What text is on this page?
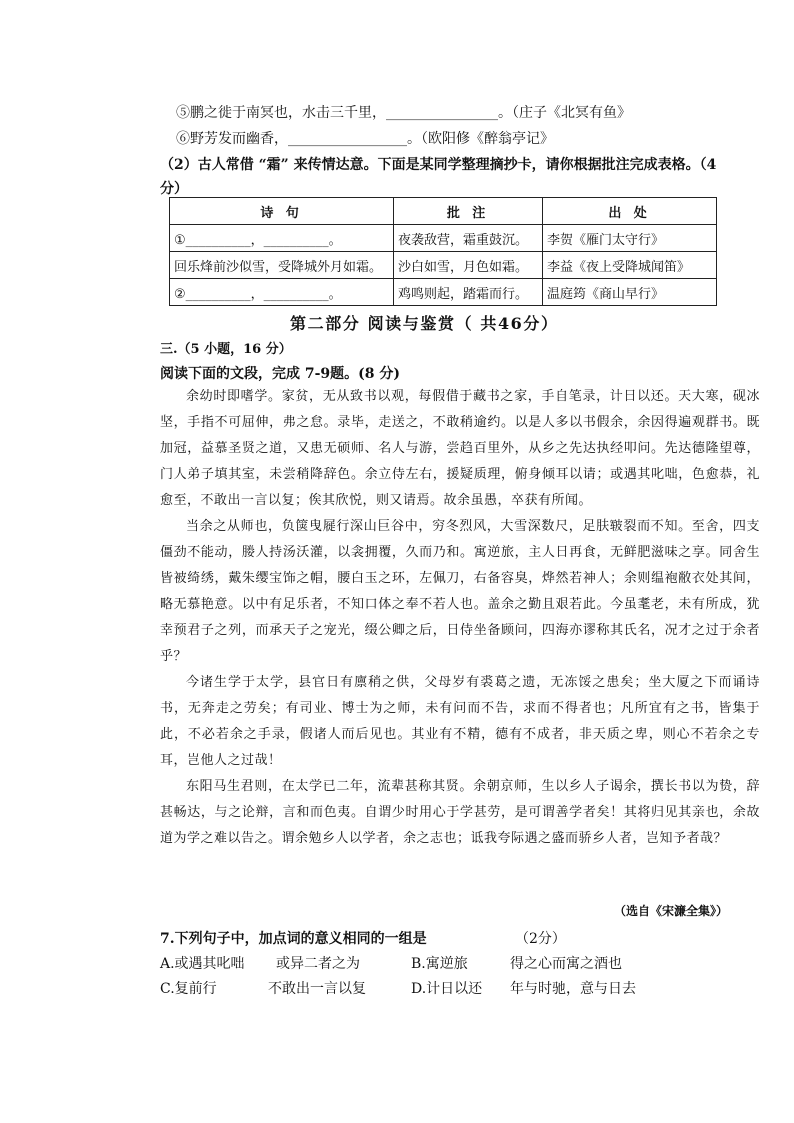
⑤鹏之徙于南冥也，水击三千里，________________。（庄子《北冥有鱼》
⑥野芳发而幽香，_________________。（欧阳修《醉翁亭记》
（2）古人常借 “霜” 来传情达意。下面是某同学整理摘抄卡，请你根据批注完成表格。（4
分）
诗 句	批 注	出 处
①__________，__________。	夜袭敌营，霜重鼓沉。	李贺《雁门太守行》
回乐烽前沙似雪，受降城外月如霜。	沙白如雪，月色如霜。	李益《夜上受降城闻笛》
②__________，__________。	鸡鸣则起，踏霜而行。	温庭筠《商山早行》
第二部分 阅读与鉴赏（ 共46分）
三.（5 小题，16 分）
阅读下面的文段，完成 7-9题。(8 分)

余幼时即嗜学。家贫，无从致书以观，每假借于藏书之家，手自笔录，计日以还。天大寒，砚冰坚，手指不可屈伸，弗之怠。录毕，走送之，不敢稍逾约。以是人多以书假余，余因得遍观群书。既加冠，益慕圣贤之道，又患无硕师、名人与游，尝趋百里外，从乡之先达执经叩问。先达德隆望尊，门人弟子填其室，未尝稍降辞色。余立侍左右，援疑质理，俯身倾耳以请；或遇其叱咄，色愈恭，礼愈至，不敢出一言以复；俟其欣悦，则又请焉。故余虽愚，卒获有所闻。

当余之从师也，负箧曳屣行深山巨谷中，穷冬烈风，大雪深数尺，足肤皲裂而不知。至舍，四支僵劲不能动，媵人持汤沃灌，以衾拥覆，久而乃和。寓逆旅，主人日再食，无鲜肥滋味之享。同舍生皆被绮绣，戴朱缨宝饰之帽，腰白玉之环，左佩刀，右备容臭，烨然若神人；余则缊袍敝衣处其间，略无慕艳意。以中有足乐者，不知口体之奉不若人也。盖余之勤且艰若此。今虽耄老，未有所成，犹幸预君子之列，而承天子之宠光，缀公卿之后，日侍坐备顾问，四海亦谬称其氏名，况才之过于余者乎？

今诸生学于太学，县官日有廪稍之供，父母岁有裘葛之遗，无冻馁之患矣；坐大厦之下而诵诗书，无奔走之劳矣；有司业、博士为之师，未有问而不告，求而不得者也；凡所宜有之书，皆集于此，不必若余之手录，假诸人而后见也。其业有不精，德有不成者，非天质之卑，则心不若余之专耳，岂他人之过哉！

东阳马生君则，在太学已二年，流辈甚称其贤。余朝京师，生以乡人子谒余，撰长书以为贽，辞甚畅达，与之论辩，言和而色夷。自谓少时用心于学甚劳，是可谓善学者矣！其将归见其亲也，余故道为学之难以告之。谓余勉乡人以学者，余之志也；诋我夸际遇之盛而骄乡人者，岂知予者哉？

（选自《宋濂全集》）
7.下列句子中，加点词的意义相同的一组是	（2分）
A.或遇其叱咄 或异二者之为	B.寓逆旅	得之心而寓之酒也
C.复前行	不敢出一言以复	D.计日以还 年与时驰，意与日去
